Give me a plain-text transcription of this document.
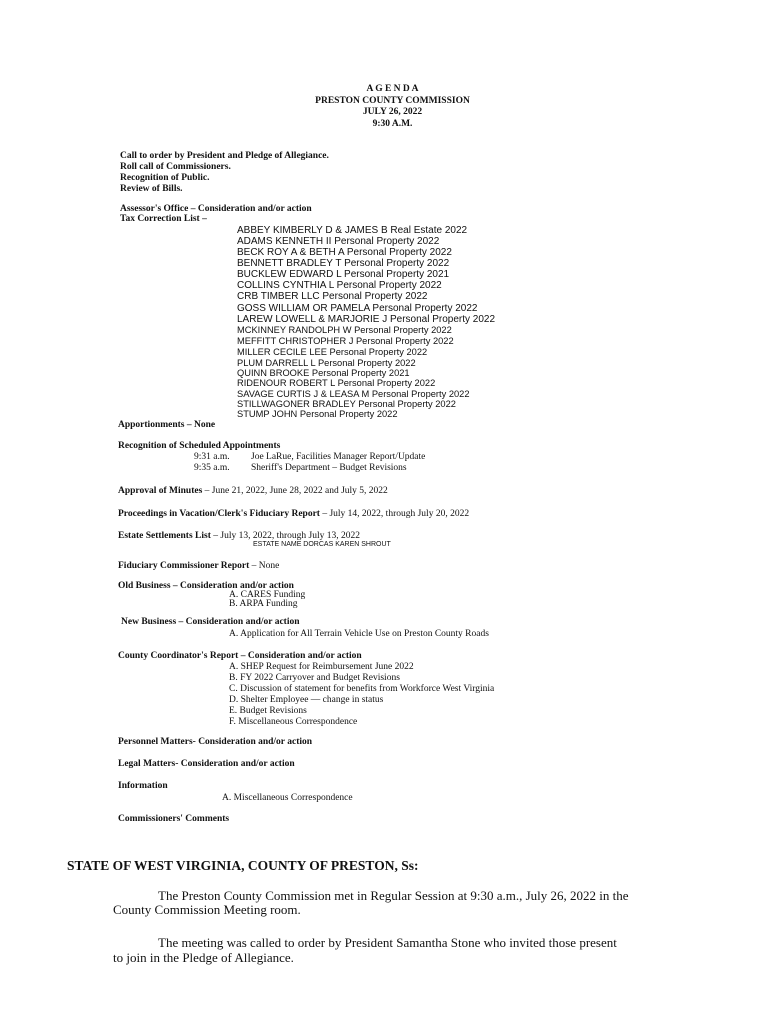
A G E N D A
PRESTON COUNTY COMMISSION
JULY 26, 2022
9:30 A.M.
Call to order by President and Pledge of Allegiance.
Roll call of Commissioners.
Recognition of Public.
Review of Bills.
Assessor's Office – Consideration and/or action
Tax Correction List –
ABBEY KIMBERLY D & JAMES B Real Estate 2022
ADAMS KENNETH II Personal Property 2022
BECK ROY A & BETH A Personal Property 2022
BENNETT BRADLEY T Personal Property 2022
BUCKLEW EDWARD L Personal Property 2021
COLLINS CYNTHIA L Personal Property 2022
CRB TIMBER LLC Personal Property 2022
GOSS WILLIAM OR PAMELA Personal Property 2022
LAREW LOWELL & MARJORIE J Personal Property 2022
MCKINNEY RANDOLPH W Personal Property 2022
MEFFITT CHRISTOPHER J Personal Property 2022
MILLER CECILE LEE Personal Property 2022
PLUM DARRELL L Personal Property 2022
QUINN BROOKE Personal Property 2021
RIDENOUR ROBERT L Personal Property 2022
SAVAGE CURTIS J & LEASA M Personal Property 2022
STILLWAGONER BRADLEY Personal Property 2022
STUMP JOHN Personal Property 2022
Apportionments – None
Recognition of Scheduled Appointments
9:31 a.m. Joe LaRue, Facilities Manager Report/Update
9:35 a.m. Sheriff's Department – Budget Revisions
Approval of Minutes – June 21, 2022, June 28, 2022 and July 5, 2022
Proceedings in Vacation/Clerk's Fiduciary Report – July 14, 2022, through July 20, 2022
Estate Settlements List – July 13, 2022, through July 13, 2022
ESTATE NAME DORCAS KAREN SHROUT
Fiduciary Commissioner Report – None
Old Business – Consideration and/or action
A. CARES Funding
B. ARPA Funding
New Business – Consideration and/or action
A. Application for All Terrain Vehicle Use on Preston County Roads
County Coordinator's Report – Consideration and/or action
A. SHEP Request for Reimbursement June 2022
B. FY 2022 Carryover and Budget Revisions
C. Discussion of statement for benefits from Workforce West Virginia
D. Shelter Employee — change in status
E. Budget Revisions
F. Miscellaneous Correspondence
Personnel Matters- Consideration and/or action
Legal Matters- Consideration and/or action
Information
A. Miscellaneous Correspondence
Commissioners' Comments
STATE OF WEST VIRGINIA, COUNTY OF PRESTON, Ss:
The Preston County Commission met in Regular Session at 9:30 a.m., July 26, 2022 in the
County Commission Meeting room.
The meeting was called to order by President Samantha Stone who invited those present
to join in the Pledge of Allegiance.
